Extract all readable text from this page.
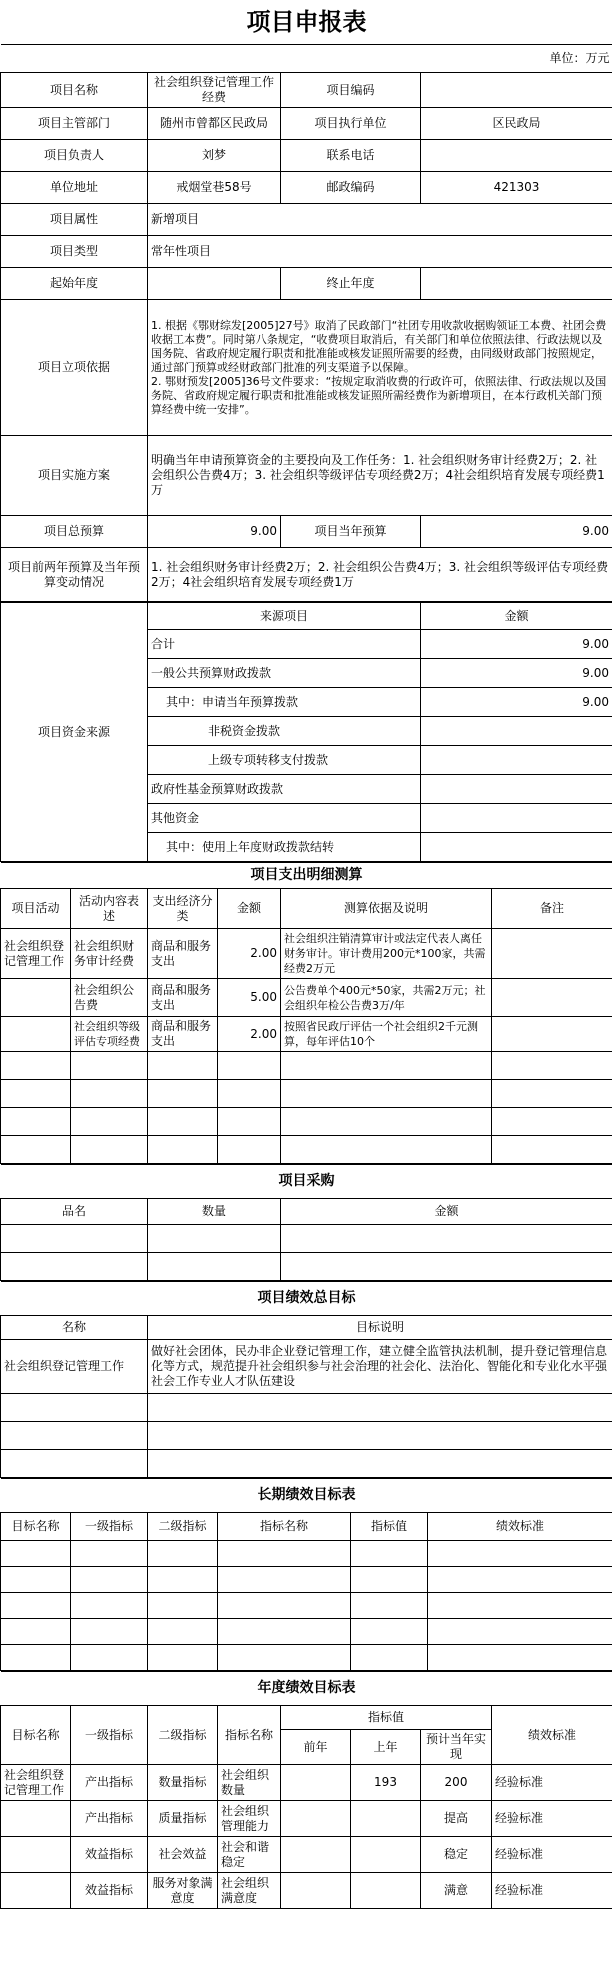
项目申报表			
单位：万元			
项目名称	社会组织登记管理工作经费	项目编码	
项目主管部门	随州市曾都区民政局	项目执行单位	区民政局
项目负责人	刘梦	联系电话	
单位地址	戒烟堂巷58号	邮政编码	421303
项目属性	新增项目		
项目类型	常年性项目		
起始年度		终止年度	
项目立项依据	1. 根据《鄂财综发[2005]27号》取消了民政部门“社团专用收款收据购领证工本费、社团会费收据工本费”。同时第八条规定，“收费项目取消后，有关部门和单位依照法律、行政法规以及国务院、省政府规定履行职责和批准能或核发证照所需要的经费，由同级财政部门按照规定，通过部门预算或经财政部门批准的列支渠道予以保障。
2. 鄂财预发[2005]36号文件要求：“按规定取消收费的行政许可，依照法律、行政法规以及国务院、省政府规定履行职责和批准能或核发证照所需经费作为新增项目，在本行政机关部门预算经费中统一安排”。		
项目实施方案	明确当年申请预算资金的主要投向及工作任务：1. 社会组织财务审计经费2万；2. 社会组织公告费4万；3. 社会组织等级评估专项经费2万；4社会组织培育发展专项经费1万		
项目总预算	9.00	项目当年预算	9.00
项目前两年预算及当年预算变动情况	1. 社会组织财务审计经费2万；2. 社会组织公告费4万；3. 社会组织等级评估专项经费2万；4社会组织培育发展专项经费1万		
项目资金来源	来源项目	金额
	合计	9.00
	一般公共预算财政拨款	9.00
	其中：申请当年预算拨款	9.00
	非税资金拨款	
	上级专项转移支付拨款	
	政府性基金预算财政拨款	
	其他资金	
	其中：使用上年度财政拨款结转	
项目支出明细测算					
项目活动	活动内容表述	支出经济分类	金额	测算依据及说明	备注
社会组织登记管理工作	社会组织财务审计经费	商品和服务支出	2.00	社会组织注销清算审计或法定代表人离任财务审计。审计费用200元*100家，共需经费2万元	
	社会组织公告费	商品和服务支出	5.00	公告费单个400元*50家，共需2万元；社会组织年检公告费3万/年	
	社会组织等级评估专项经费	商品和服务支出	2.00	按照省民政厅评估一个社会组织2千元测算，每年评估10个	

项目采购		
品名	数量	金额

项目绩效总目标	
名称	目标说明
社会组织登记管理工作	做好社会团体，民办非企业登记管理工作，建立健全监管执法机制，提升登记管理信息化等方式，规范提升社会组织参与社会治理的社会化、法治化、智能化和专业化水平强社会工作专业人才队伍建设

长期绩效目标表					
目标名称	一级指标	二级指标	指标名称	指标值	绩效标准

年度绩效目标表							
目标名称	一级指标	二级指标	指标名称	指标值			绩效标准
				前年	上年	预计当年实现	
社会组织登记管理工作	产出指标	数量指标	社会组织数量		193	200	经验标准
	产出指标	质量指标	社会组织管理能力			提高	经验标准
	效益指标	社会效益	社会和谐稳定			稳定	经验标准
	效益指标	服务对象满意度	社会组织满意度			满意	经验标准
